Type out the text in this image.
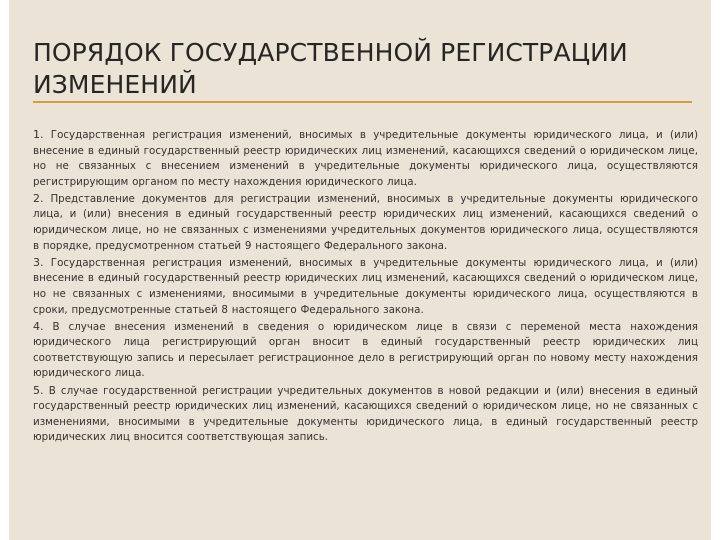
ПОРЯДОК ГОСУДАРСТВЕННОЙ РЕГИСТРАЦИИ ИЗМЕНЕНИЙ

1. Государственная регистрация изменений, вносимых в учредительные документы юридического лица, и (или) внесение в единый государственный реестр юридических лиц изменений, касающихся сведений о юридическом лице, но не связанных с внесением изменений в учредительные документы юридического лица, осуществляются регистрирующим органом по месту нахождения юридического лица.

2. Представление документов для регистрации изменений, вносимых в учредительные документы юридического лица, и (или) внесения в единый государственный реестр юридических лиц изменений, касающихся сведений о юридическом лице, но не связанных с изменениями учредительных документов юридического лица, осуществляются в порядке, предусмотренном статьей 9 настоящего Федерального закона.

3. Государственная регистрация изменений, вносимых в учредительные документы юридического лица, и (или) внесение в единый государственный реестр юридических лиц изменений, касающихся сведений о юридическом лице, но не связанных с изменениями, вносимыми в учредительные документы юридического лица, осуществляются в сроки, предусмотренные статьей 8 настоящего Федерального закона.

4. В случае внесения изменений в сведения о юридическом лице в связи с переменой места нахождения юридического лица регистрирующий орган вносит в единый государственный реестр юридических лиц соответствующую запись и пересылает регистрационное дело в регистрирующий орган по новому месту нахождения юридического лица.

5. В случае государственной регистрации учредительных документов в новой редакции и (или) внесения в единый государственный реестр юридических лиц изменений, касающихся сведений о юридическом лице, но не связанных с изменениями, вносимыми в учредительные документы юридического лица, в единый государственный реестр юридических лиц вносится соответствующая запись.
